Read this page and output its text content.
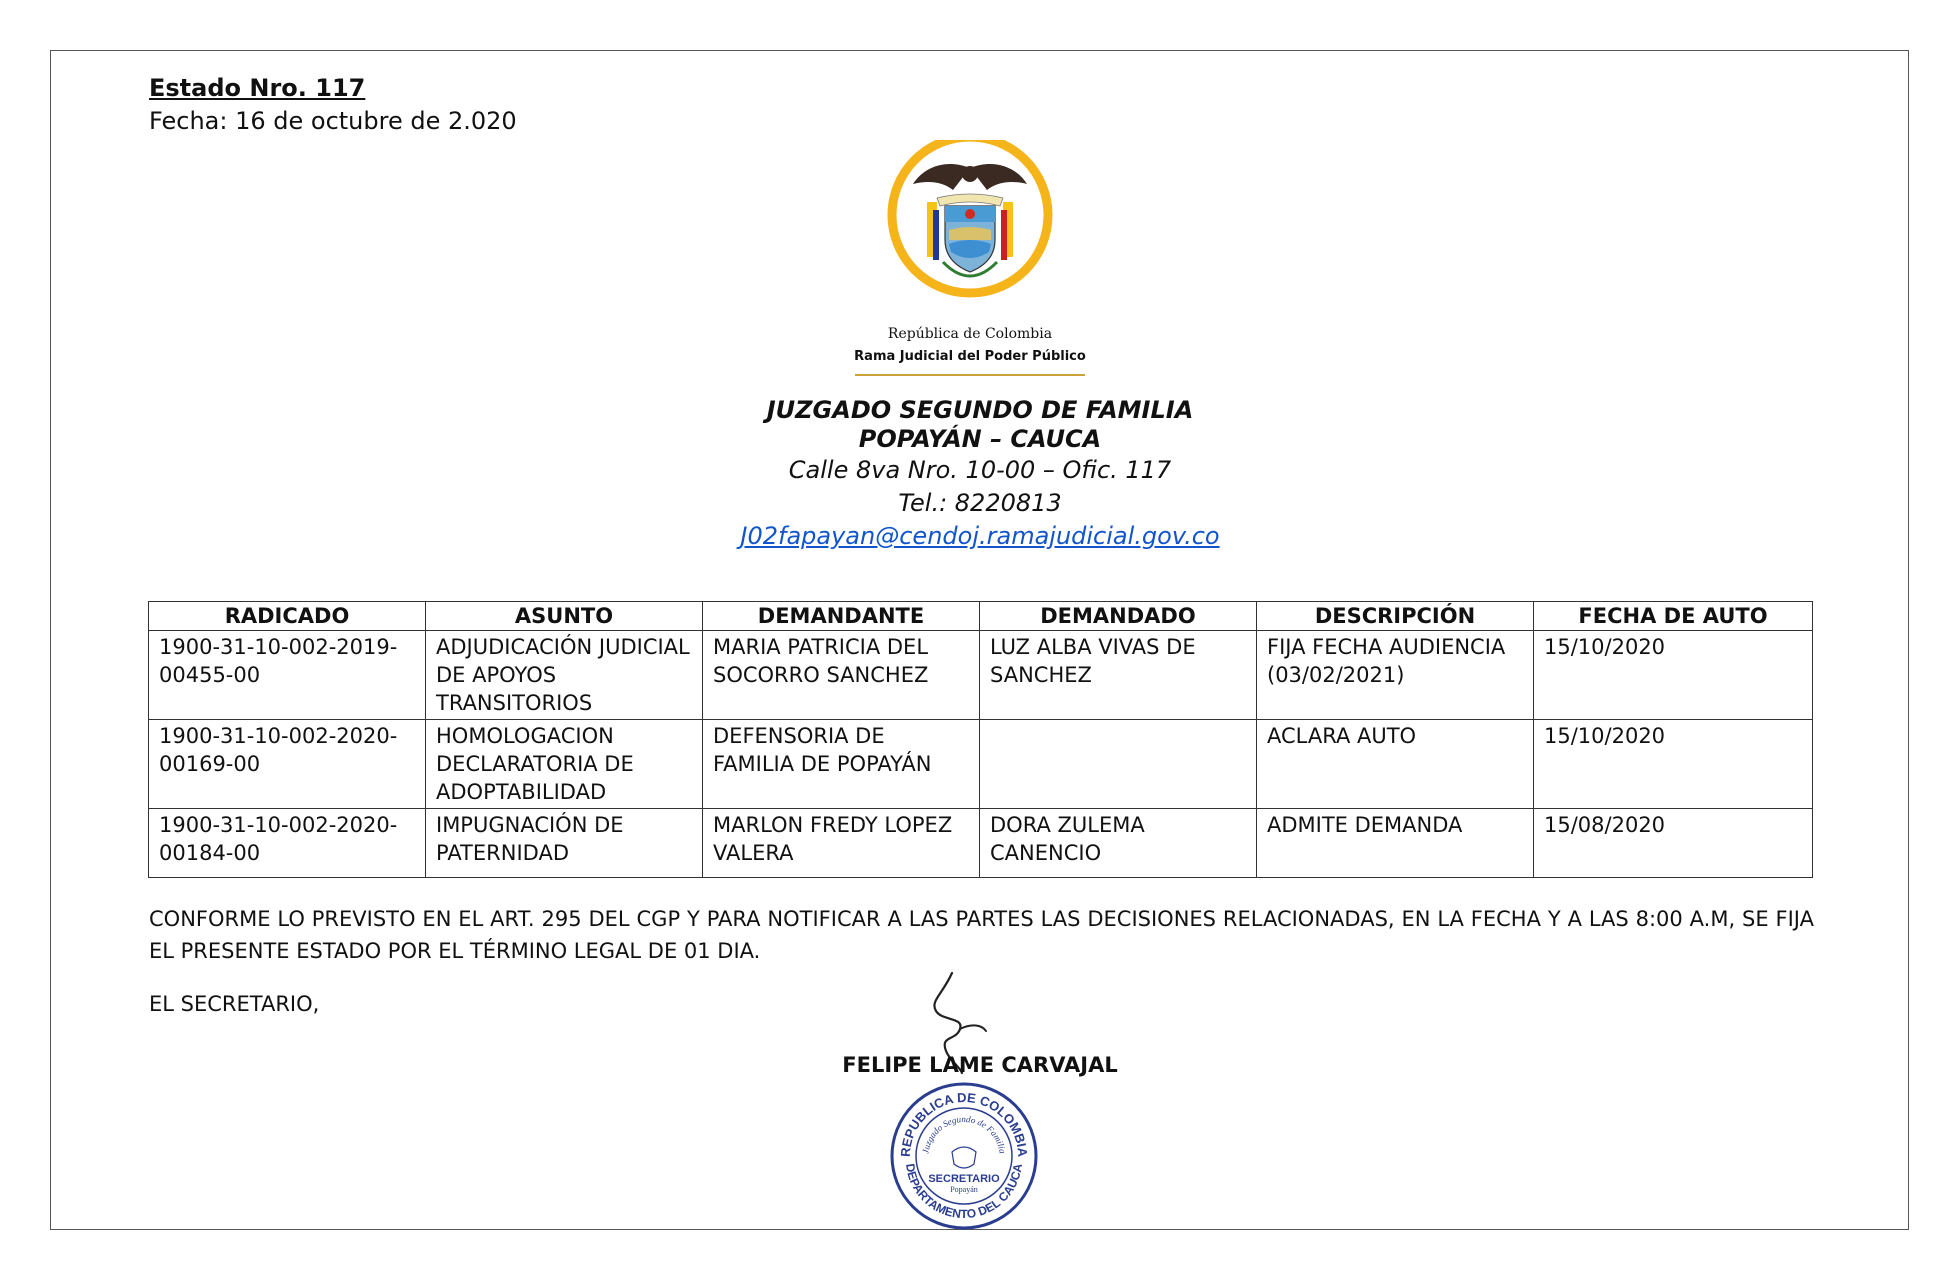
Estado Nro. 117
Fecha: 16 de octubre de 2.020
República de Colombia
Rama Judicial del Poder Público
JUZGADO SEGUNDO DE FAMILIA
POPAYÁN – CAUCA
Calle 8va Nro. 10-00 – Ofic. 117
Tel.: 8220813
J02fapayan@cendoj.ramajudicial.gov.co
RADICADO	ASUNTO	DEMANDANTE	DEMANDADO	DESCRIPCIÓN	FECHA DE AUTO
1900-31-10-002-2019-00455-00	ADJUDICACIÓN JUDICIAL DE APOYOS TRANSITORIOS	MARIA PATRICIA DEL SOCORRO SANCHEZ	LUZ ALBA VIVAS DE SANCHEZ	FIJA FECHA AUDIENCIA (03/02/2021)	15/10/2020
1900-31-10-002-2020-00169-00	HOMOLOGACION DECLARATORIA DE ADOPTABILIDAD	DEFENSORIA DE FAMILIA DE POPAYÁN		ACLARA AUTO	15/10/2020
1900-31-10-002-2020-00184-00	IMPUGNACIÓN DE PATERNIDAD	MARLON FREDY LOPEZ VALERA	DORA ZULEMA CANENCIO	ADMITE DEMANDA	15/08/2020
CONFORME LO PREVISTO EN EL ART. 295 DEL CGP Y PARA NOTIFICAR A LAS PARTES LAS DECISIONES RELACIONADAS, EN LA FECHA Y A LAS 8:00 A.M, SE FIJA EL PRESENTE ESTADO POR EL TÉRMINO LEGAL DE 01 DIA.
EL SECRETARIO,
FELIPE LAME CARVAJAL
REPUBLICA DE COLOMBIA
Juzgado Segundo de Familia
SECRETARIO
Popayán
DEPARTAMENTO DEL CAUCA
